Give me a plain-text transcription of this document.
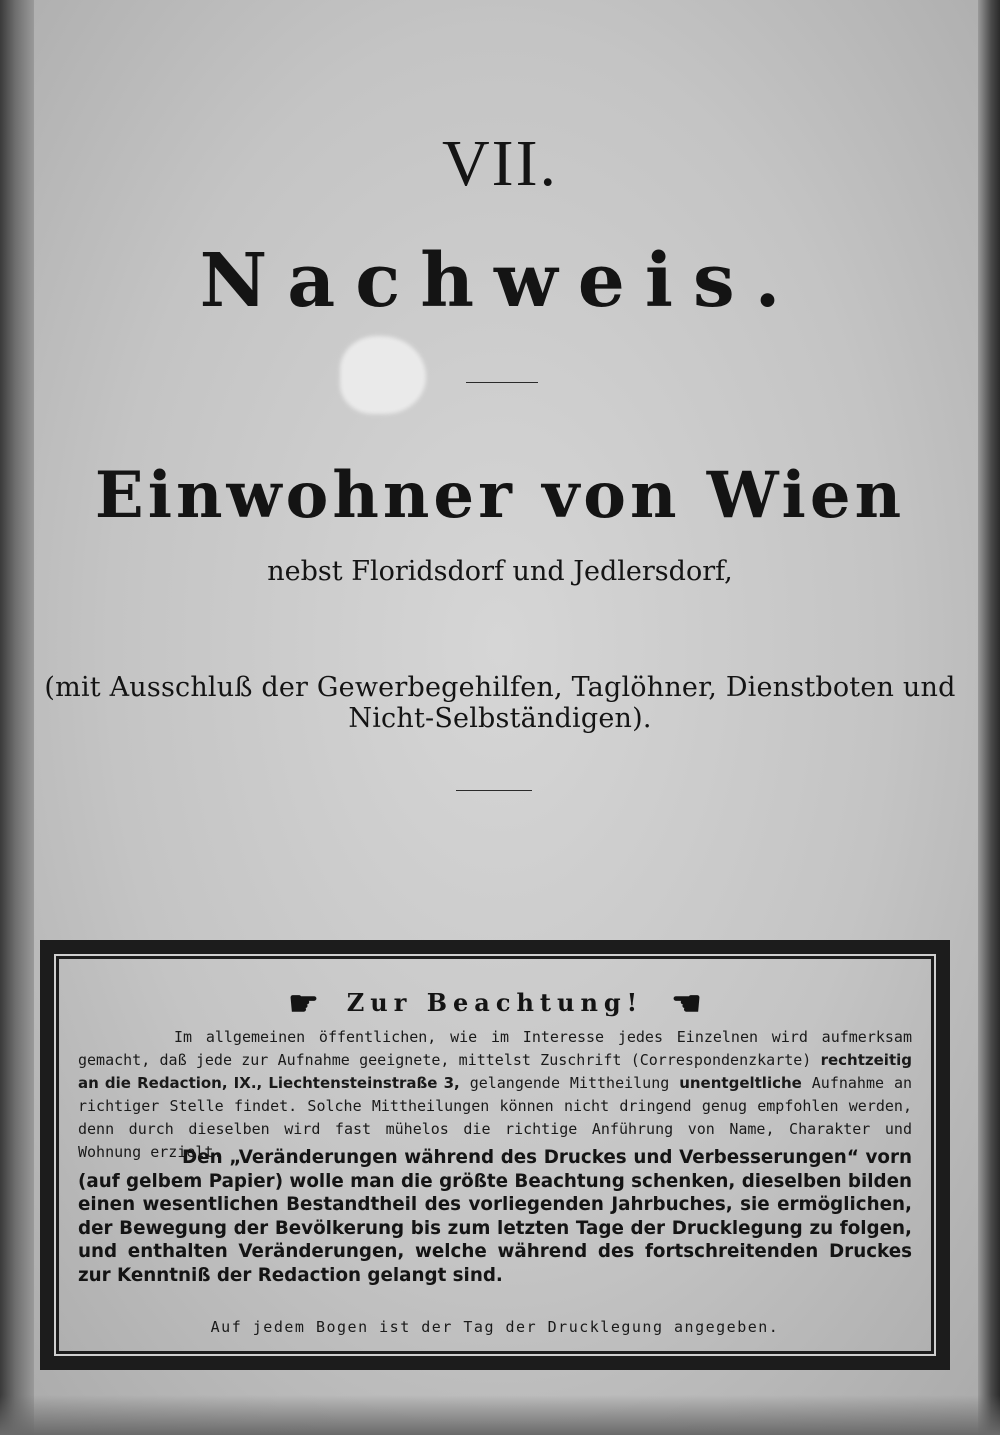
VII.
Nachweis.
Einwohner von Wien
nebst Floridsdorf und Jedlersdorf,
(mit Ausschluß der Gewerbegehilfen, Taglöhner, Dienstboten und Nicht-Selbständigen).
☛ Zur Beachtung! ☚
Im allgemeinen öffentlichen, wie im Interesse jedes Einzelnen wird aufmerksam gemacht, daß jede zur Aufnahme geeignete, mittelst Zuschrift (Correspondenzkarte) rechtzeitig an die Redaction, IX., Liechtensteinstraße 3, gelangende Mittheilung unentgeltliche Aufnahme an richtiger Stelle findet. Solche Mittheilungen können nicht dringend genug empfohlen werden, denn durch dieselben wird fast mühelos die richtige Anführung von Name, Charakter und Wohnung erzielt.
Den „Veränderungen während des Druckes und Verbesserungen“ vorn (auf gelbem Papier) wolle man die größte Beachtung schenken, dieselben bilden einen wesentlichen Bestandtheil des vorliegenden Jahrbuches, sie ermöglichen, der Bewegung der Bevölkerung bis zum letzten Tage der Drucklegung zu folgen, und enthalten Veränderungen, welche während des fortschreitenden Druckes zur Kenntniß der Redaction gelangt sind.
Auf jedem Bogen ist der Tag der Drucklegung angegeben.
